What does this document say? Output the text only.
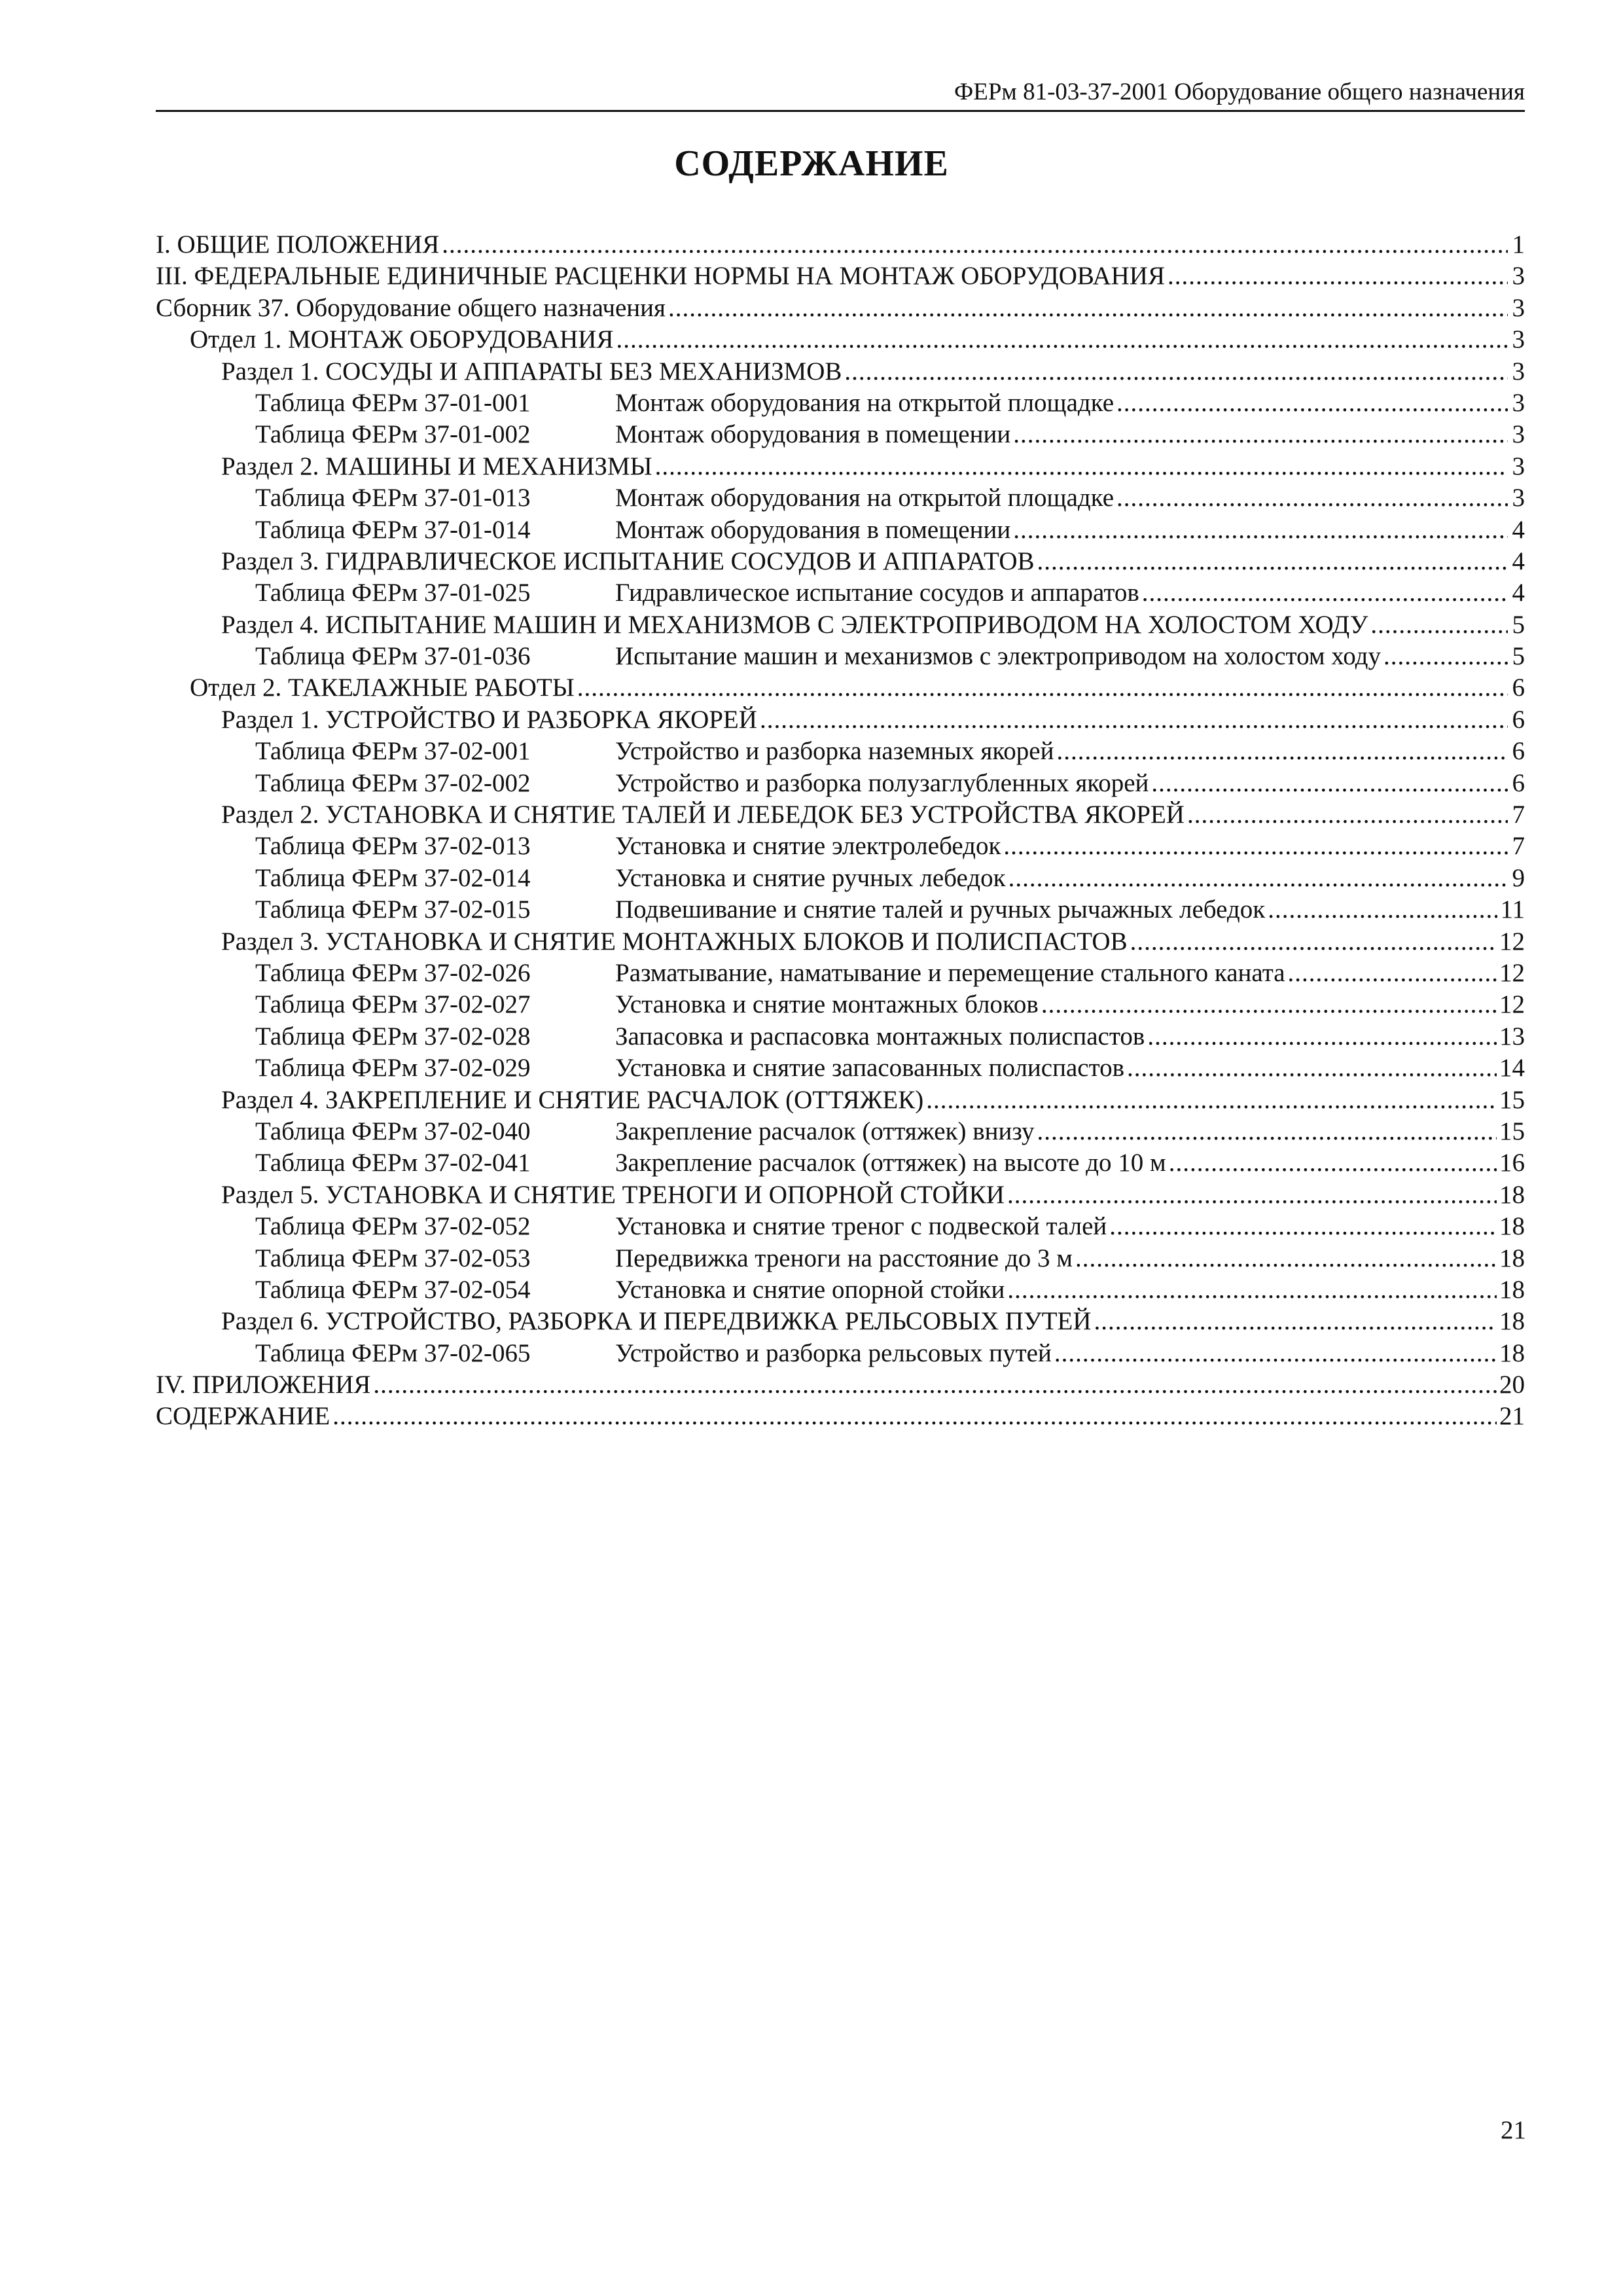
ФЕРм 81-03-37-2001 Оборудование общего назначения
СОДЕРЖАНИЕ
I. ОБЩИЕ ПОЛОЖЕНИЯ .....	1
III. ФЕДЕРАЛЬНЫЕ ЕДИНИЧНЫЕ РАСЦЕНКИ НОРМЫ НА МОНТАЖ ОБОРУДОВАНИЯ .....	3
Сборник 37. Оборудование общего назначения .....	3
Отдел 1. МОНТАЖ ОБОРУДОВАНИЯ .....	3
Раздел 1. СОСУДЫ И АППАРАТЫ БЕЗ МЕХАНИЗМОВ .....	3
Таблица ФЕРм 37-01-001	Монтаж оборудования на открытой площадке .....	3
Таблица ФЕРм 37-01-002	Монтаж оборудования в помещении .....	3
Раздел 2. МАШИНЫ И МЕХАНИЗМЫ .....	3
Таблица ФЕРм 37-01-013	Монтаж оборудования на открытой площадке .....	3
Таблица ФЕРм 37-01-014	Монтаж оборудования в помещении .....	4
Раздел 3. ГИДРАВЛИЧЕСКОЕ ИСПЫТАНИЕ СОСУДОВ И АППАРАТОВ .....	4
Таблица ФЕРм 37-01-025	Гидравлическое испытание сосудов и аппаратов .....	4
Раздел 4. ИСПЫТАНИЕ МАШИН И МЕХАНИЗМОВ С ЭЛЕКТРОПРИВОДОМ НА ХОЛОСТОМ ХОДУ .....	5
Таблица ФЕРм 37-01-036	Испытание машин и механизмов с электроприводом на холостом ходу .....	5
Отдел 2. ТАКЕЛАЖНЫЕ РАБОТЫ .....	6
Раздел 1. УСТРОЙСТВО И РАЗБОРКА ЯКОРЕЙ .....	6
Таблица ФЕРм 37-02-001	Устройство и разборка наземных якорей .....	6
Таблица ФЕРм 37-02-002	Устройство и разборка полузаглубленных якорей .....	6
Раздел 2. УСТАНОВКА И СНЯТИЕ ТАЛЕЙ И ЛЕБЕДОК БЕЗ УСТРОЙСТВА ЯКОРЕЙ .....	7
Таблица ФЕРм 37-02-013	Установка и снятие электролебедок .....	7
Таблица ФЕРм 37-02-014	Установка и снятие ручных лебедок .....	9
Таблица ФЕРм 37-02-015	Подвешивание и снятие талей и ручных рычажных лебедок .....	11
Раздел 3. УСТАНОВКА И СНЯТИЕ МОНТАЖНЫХ БЛОКОВ И ПОЛИСПАСТОВ .....	12
Таблица ФЕРм 37-02-026	Разматывание, наматывание и перемещение стального каната .....	12
Таблица ФЕРм 37-02-027	Установка и снятие монтажных блоков .....	12
Таблица ФЕРм 37-02-028	Запасовка и распасовка монтажных полиспастов .....	13
Таблица ФЕРм 37-02-029	Установка и снятие запасованных полиспастов .....	14
Раздел 4. ЗАКРЕПЛЕНИЕ И СНЯТИЕ РАСЧАЛОК (ОТТЯЖЕК) .....	15
Таблица ФЕРм 37-02-040	Закрепление расчалок (оттяжек) внизу .....	15
Таблица ФЕРм 37-02-041	Закрепление расчалок (оттяжек) на высоте до 10 м .....	16
Раздел 5. УСТАНОВКА И СНЯТИЕ ТРЕНОГИ И ОПОРНОЙ СТОЙКИ .....	18
Таблица ФЕРм 37-02-052	Установка и снятие треног с подвеской талей .....	18
Таблица ФЕРм 37-02-053	Передвижка треноги на расстояние до 3 м .....	18
Таблица ФЕРм 37-02-054	Установка и снятие опорной стойки .....	18
Раздел 6. УСТРОЙСТВО, РАЗБОРКА И ПЕРЕДВИЖКА РЕЛЬСОВЫХ ПУТЕЙ .....	18
Таблица ФЕРм 37-02-065	Устройство и разборка рельсовых путей .....	18
IV. ПРИЛОЖЕНИЯ .....	20
СОДЕРЖАНИЕ .....	21
21
